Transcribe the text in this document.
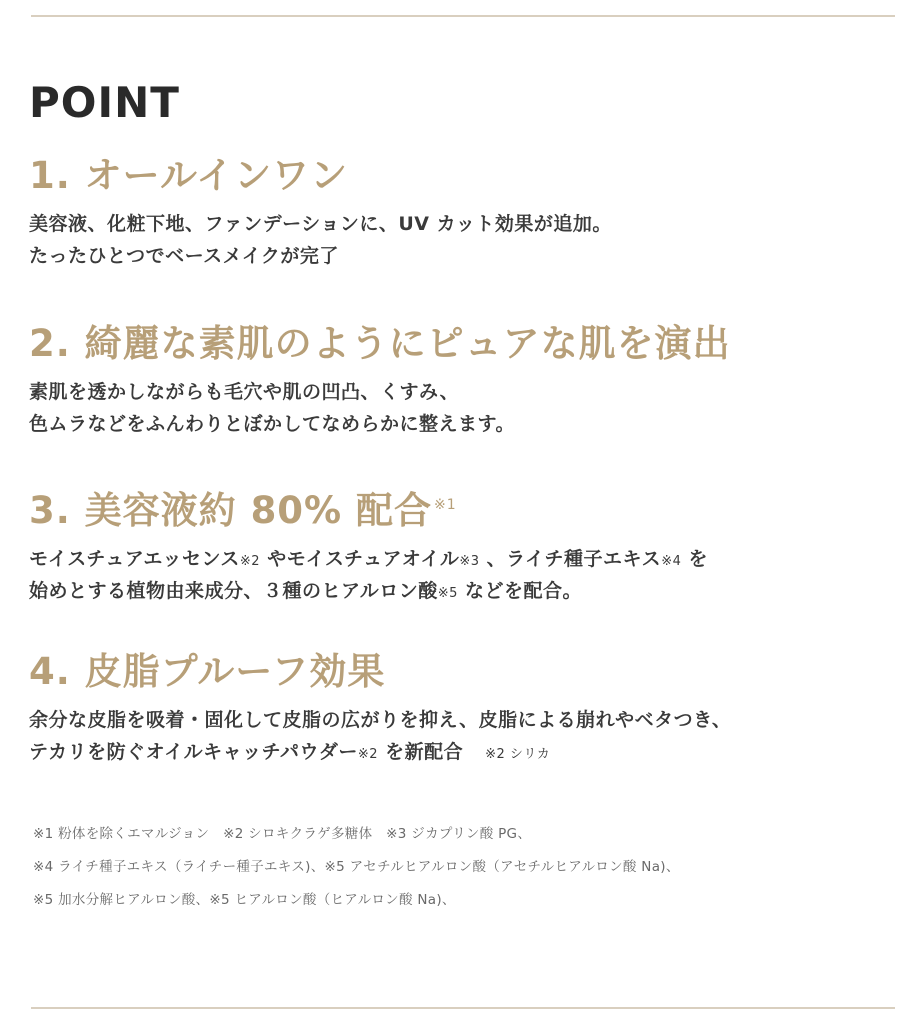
POINT
1. オールインワン

美容液、化粧下地、ファンデーションに、UV カット効果が追加。
たったひとつでベースメイクが完了

2. 綺麗な素肌のようにピュアな肌を演出

素肌を透かしながらも毛穴や肌の凹凸、くすみ、
色ムラなどをふんわりとぼかしてなめらかに整えます。

3. 美容液約 80% 配合 $^{※1}$

モイスチュアエッセンス※2 やモイスチュアオイル※3 、ライチ種子エキス※4 を
始めとする植物由来成分、３種のヒアルロン酸※5 などを配合。

4. 皮脂プルーフ効果

余分な皮脂を吸着・固化して皮脂の広がりを抑え、皮脂による崩れやベタつき、
テカリを防ぐオイルキャッチパウダー※2 を新配合 ※2 シリカ

※1 粉体を除くエマルジョン　※2 シロキクラゲ多糖体　※3 ジカプリン酸 PG、
※4 ライチ種子エキス（ライチー種子エキス)、※5 アセチルヒアルロン酸（アセチルヒアルロン酸 Na)、
※5 加水分解ヒアルロン酸、※5 ヒアルロン酸（ヒアルロン酸 Na)、
